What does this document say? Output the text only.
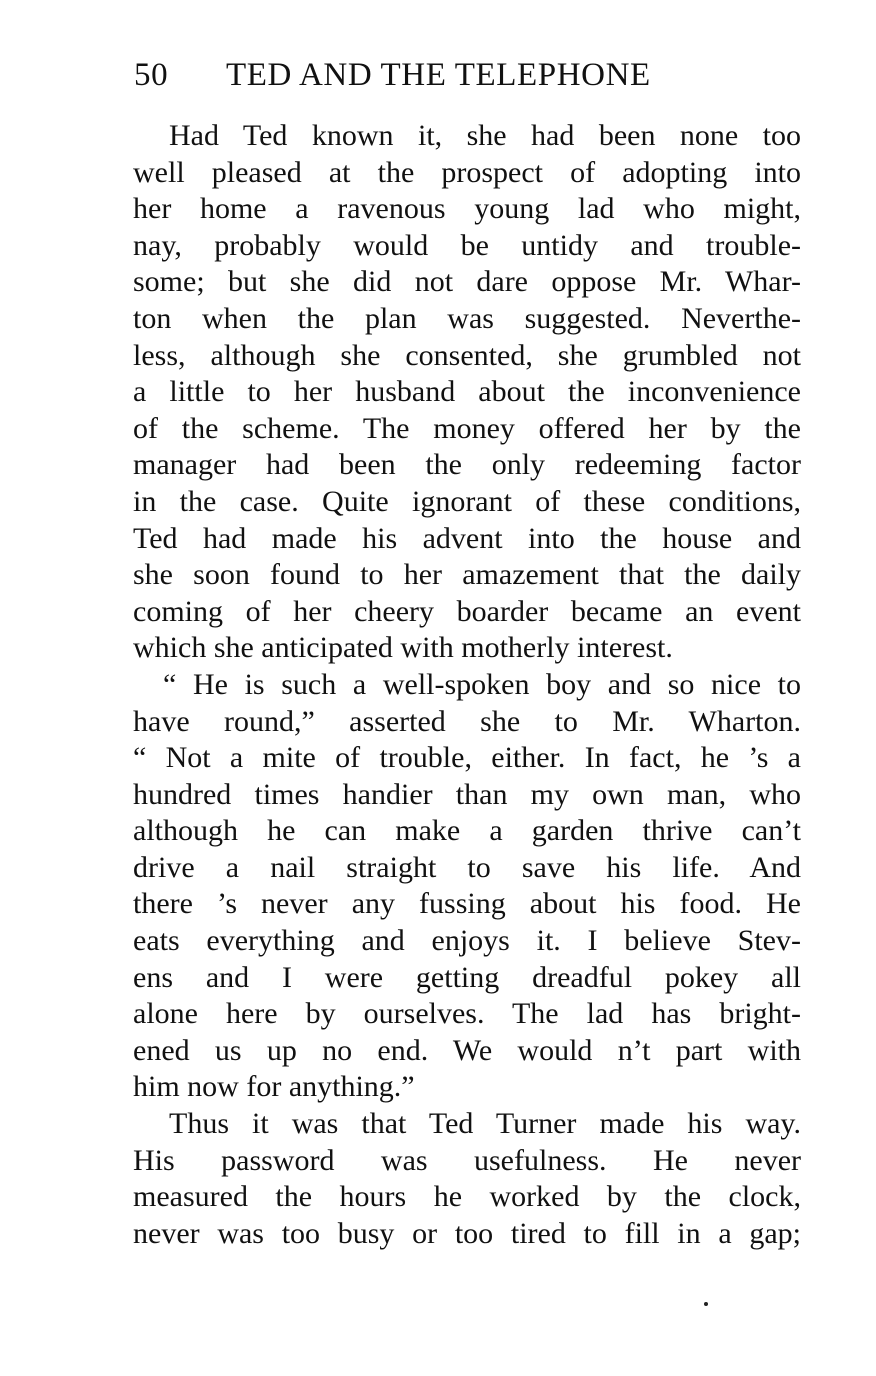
50 TED AND THE TELEPHONE
Had Ted known it, she had been none too
well pleased at the prospect of adopting into
her home a ravenous young lad who might,
nay, probably would be untidy and trouble-
some; but she did not dare oppose Mr. Whar-
ton when the plan was suggested. Neverthe-
less, although she consented, she grumbled not
a little to her husband about the inconvenience
of the scheme. The money offered her by the
manager had been the only redeeming factor
in the case. Quite ignorant of these conditions,
Ted had made his advent into the house and
she soon found to her amazement that the daily
coming of her cheery boarder became an event
which she anticipated with motherly interest.
“ He is such a well-spoken boy and so nice to
have round,” asserted she to Mr. Wharton.
“ Not a mite of trouble, either. In fact, he ’s a
hundred times handier than my own man, who
although he can make a garden thrive can’t
drive a nail straight to save his life. And
there ’s never any fussing about his food. He
eats everything and enjoys it. I believe Stev-
ens and I were getting dreadful pokey all
alone here by ourselves. The lad has bright-
ened us up no end. We would n’t part with
him now for anything.”
Thus it was that Ted Turner made his way.
His password was usefulness. He never
measured the hours he worked by the clock,
never was too busy or too tired to fill in a gap;
